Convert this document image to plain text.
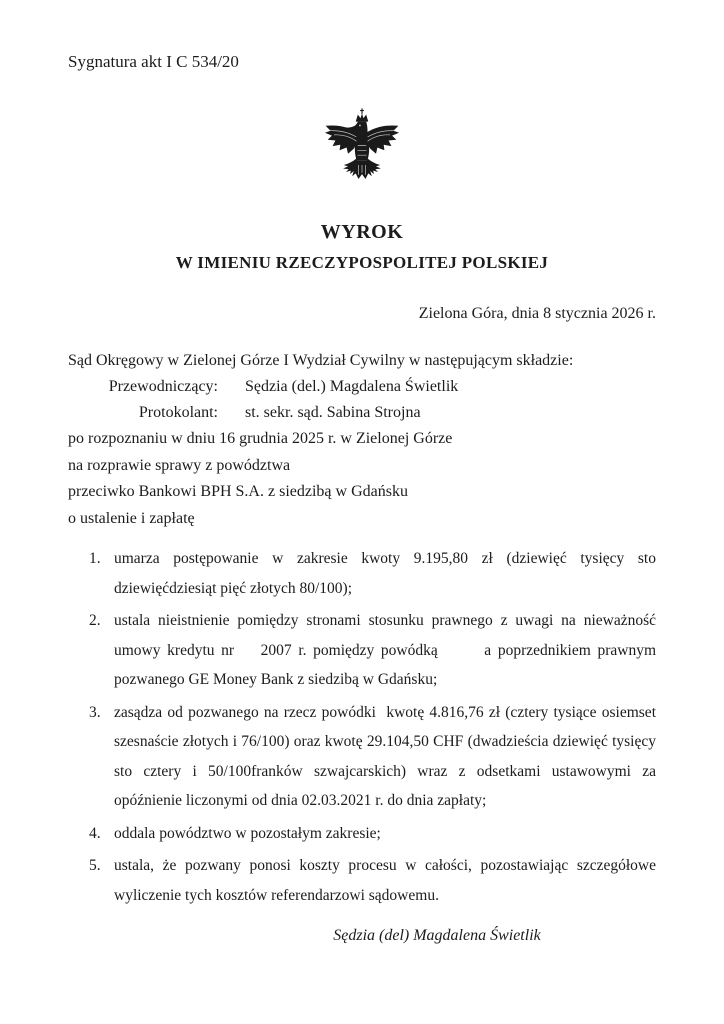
Sygnatura akt I C 534/20
WYROK
W IMIENIU RZECZYPOSPOLITEJ POLSKIEJ
Zielona Góra, dnia 8 stycznia 2026 r.

Sąd Okręgowy w Zielonej Górze I Wydział Cywilny w następującym składzie:

Przewodniczący: Sędzia (del.) Magdalena Świetlik
Protokolant: st. sekr. sąd. Sabina Strojna

po rozpoznaniu w dniu 16 grudnia 2025 r. w Zielonej Górze

na rozprawie sprawy z powództwa

przeciwko Bankowi BPH S.A. z siedzibą w Gdańsku

o ustalenie i zapłatę

1. umarza postępowanie w zakresie kwoty 9.195,80 zł (dziewięć tysięcy sto dziewięćdziesiąt pięć złotych 80/100);
2. ustala nieistnienie pomiędzy stronami stosunku prawnego z uwagi na nieważność umowy kredytu nr    2007 r. pomiędzy powódką       a poprzednikiem prawnym pozwanego GE Money Bank z siedzibą w Gdańsku;
3. zasądza od pozwanego na rzecz powódki  kwotę 4.816,76 zł (cztery tysiące osiemset szesnaście złotych i 76/100) oraz kwotę 29.104,50 CHF (dwadzieścia dziewięć tysięcy sto cztery i 50/100franków szwajcarskich) wraz z odsetkami ustawowymi za opóźnienie liczonymi od dnia 02.03.2021 r. do dnia zapłaty;
4. oddala powództwo w pozostałym zakresie;
5. ustala, że pozwany ponosi koszty procesu w całości, pozostawiając szczegółowe wyliczenie tych kosztów referendarzowi sądowemu.
Sędzia (del) Magdalena Świetlik
